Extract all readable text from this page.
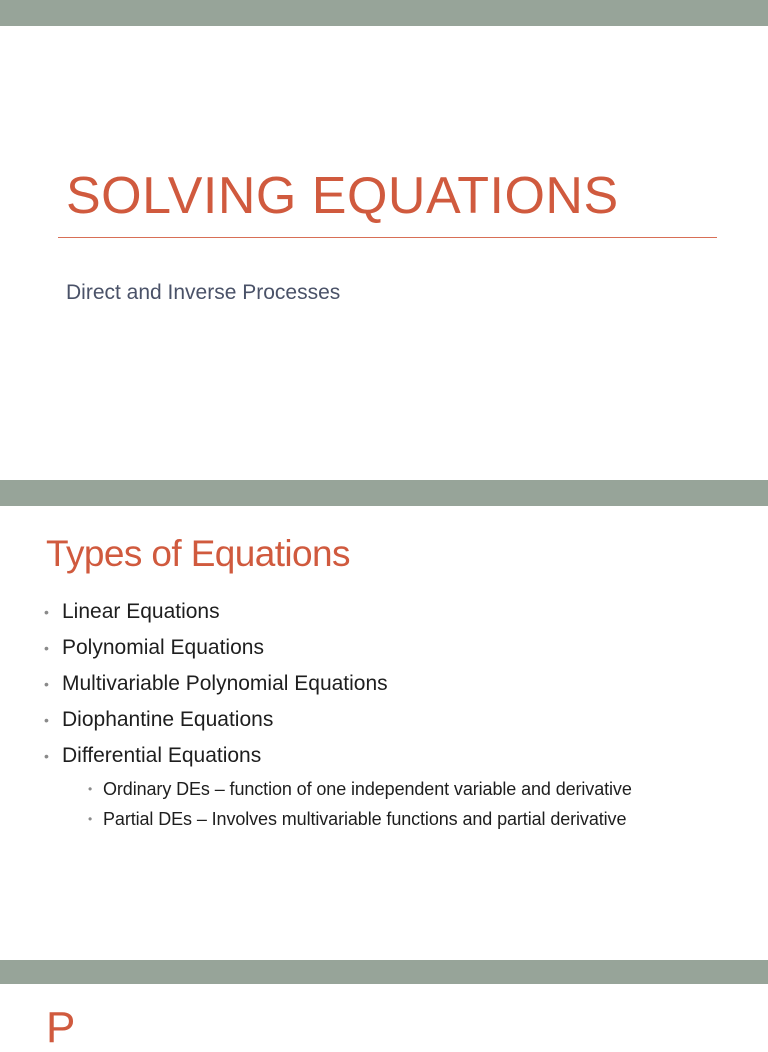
SOLVING EQUATIONS
Direct and Inverse Processes
Types of Equations
• Linear Equations
• Polynomial Equations
• Multivariable Polynomial Equations
• Diophantine Equations
• Differential Equations
• Ordinary DEs – function of one independent variable and derivative
• Partial DEs – Involves multivariable functions and partial derivative
P
